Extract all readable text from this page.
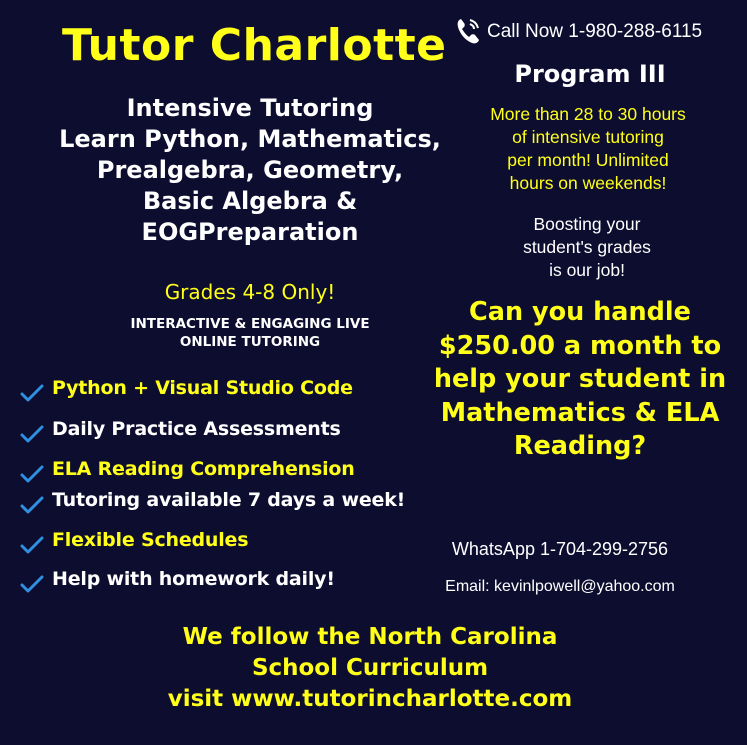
Tutor Charlotte	Call Now 1-980-288-6115
Program III
More than 28 to 30 hours
of intensive tutoring
per month! Unlimited
hours on weekends!
Boosting your
student's grades
is our job!
Intensive Tutoring
Learn Python, Mathematics,
Prealgebra, Geometry,
Basic Algebra &
EOGPreparation
Grades 4-8 Only!
INTERACTIVE & ENGAGING LIVE
ONLINE TUTORING
Python + Visual Studio Code
Daily Practice Assessments
ELA Reading Comprehension
Tutoring available 7 days a week!
Flexible Schedules
Help with homework daily!
Can you handle
$250.00 a month to
help your student in
Mathematics & ELA
Reading?
WhatsApp 1-704-299-2756
Email: kevinlpowell@yahoo.com
We follow the North Carolina
School Curriculum
visit www.tutorincharlotte.com
